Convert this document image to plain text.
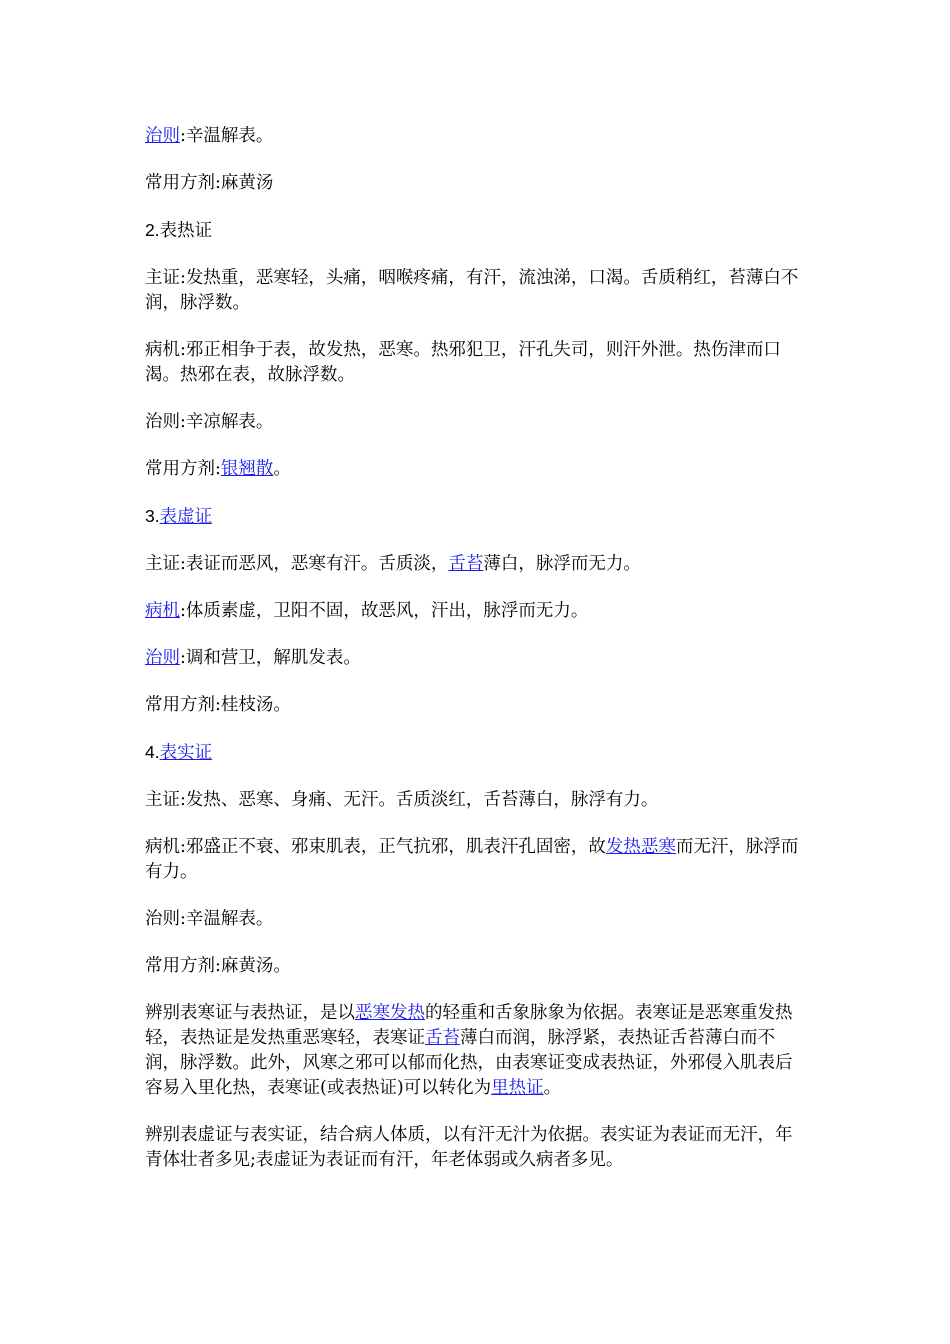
治则:辛温解表。

常用方剂:麻黄汤

2.表热证

主证:发热重，恶寒轻，头痛，咽喉疼痛，有汗，流浊涕，口渴。舌质稍红，苔薄白不润，脉浮数。

病机:邪正相争于表，故发热，恶寒。热邪犯卫，汗孔失司，则汗外泄。热伤津而口渴。热邪在表，故脉浮数。

治则:辛凉解表。

常用方剂:银翘散。

3.表虚证

主证:表证而恶风，恶寒有汗。舌质淡，舌苔薄白，脉浮而无力。

病机:体质素虚，卫阳不固，故恶风，汗出，脉浮而无力。

治则:调和营卫，解肌发表。

常用方剂:桂枝汤。

4.表实证

主证:发热、恶寒、身痛、无汗。舌质淡红，舌苔薄白，脉浮有力。

病机:邪盛正不衰、邪束肌表，正气抗邪，肌表汗孔固密，故发热恶寒而无汗，脉浮而有力。

治则:辛温解表。

常用方剂:麻黄汤。

辨别表寒证与表热证，是以恶寒发热的轻重和舌象脉象为依据。表寒证是恶寒重发热轻，表热证是发热重恶寒轻，表寒证舌苔薄白而润，脉浮紧，表热证舌苔薄白而不润，脉浮数。此外，风寒之邪可以郁而化热，由表寒证变成表热证，外邪侵入肌表后容易入里化热，表寒证(或表热证)可以转化为里热证。

辨别表虚证与表实证，结合病人体质，以有汗无汁为依据。表实证为表证而无汗，年青体壮者多见;表虚证为表证而有汗，年老体弱或久病者多见。
